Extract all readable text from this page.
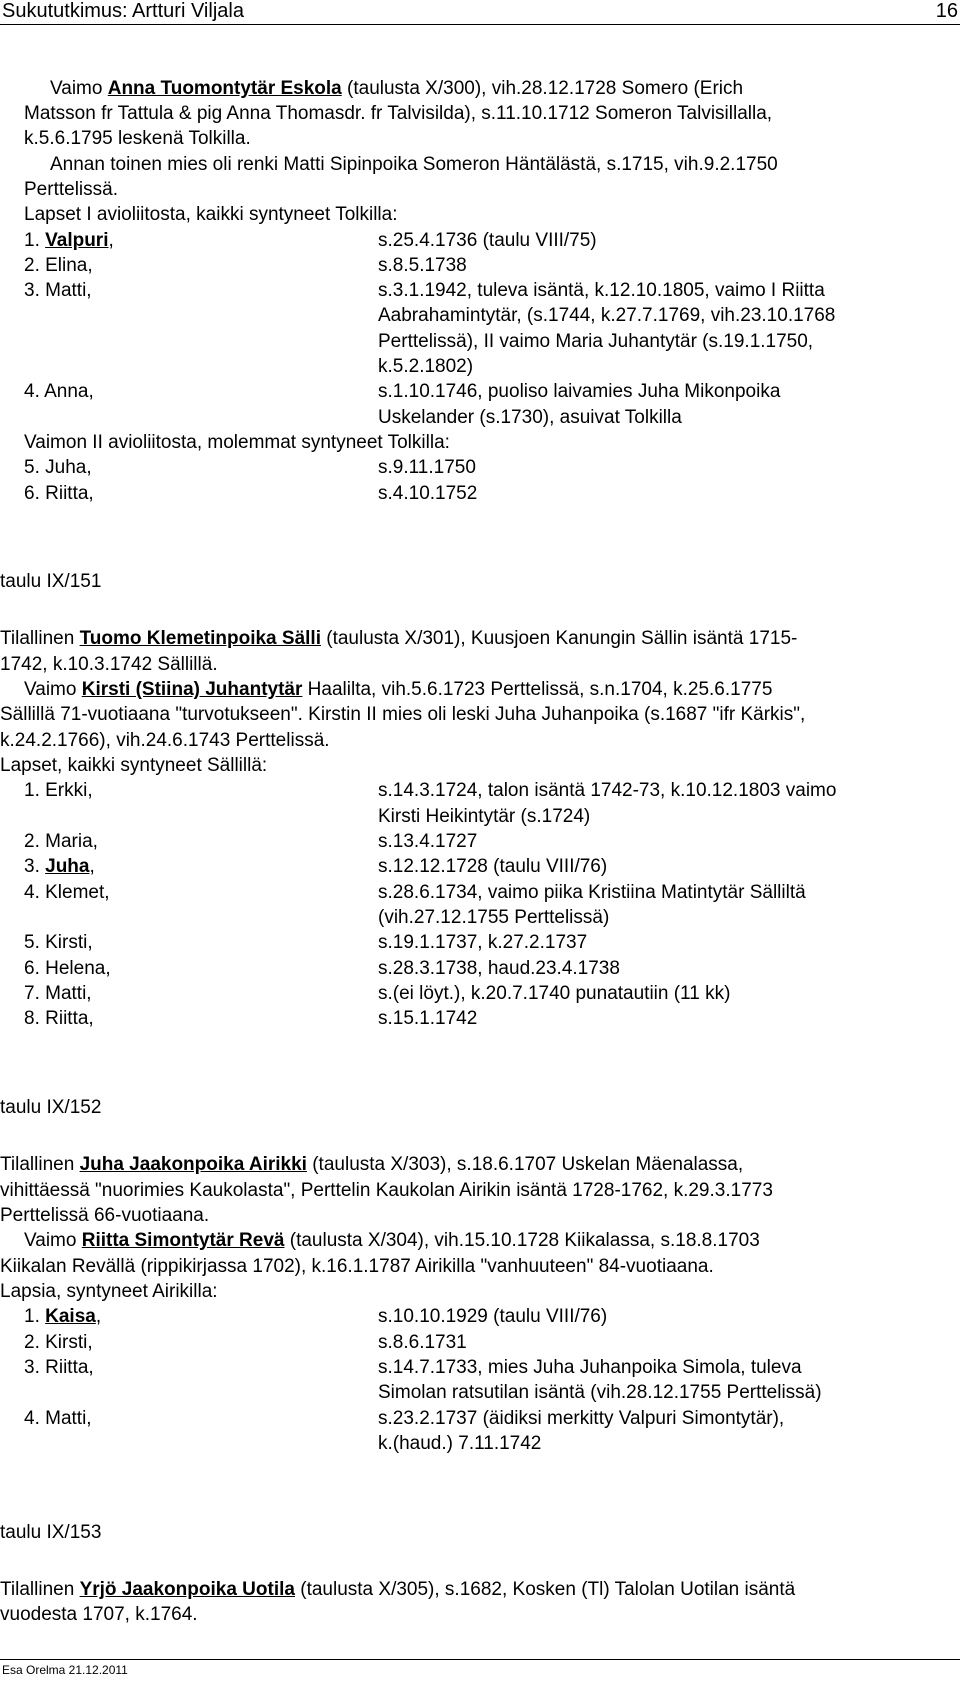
Sukututkimus: Artturi Viljala	16
Vaimo Anna Tuomontytär Eskola (taulusta X/300), vih.28.12.1728 Somero (Erich
Matsson fr Tattula & pig Anna Thomasdr. fr Talvisilda), s.11.10.1712 Someron Talvisillalla,
k.5.6.1795 leskenä Tolkilla.
Annan toinen mies oli renki Matti Sipinpoika Someron Häntälästä, s.1715, vih.9.2.1750
Perttelissä.
Lapset I avioliitosta, kaikki syntyneet Tolkilla:
1. Valpuri,	s.25.4.1736 (taulu VIII/75)
2. Elina,	s.8.5.1738
3. Matti,	s.3.1.1942, tuleva isäntä, k.12.10.1805, vaimo I Riitta
Aabrahamintytär, (s.1744, k.27.7.1769, vih.23.10.1768
Perttelissä), II vaimo Maria Juhantytär (s.19.1.1750,
k.5.2.1802)
4. Anna,	s.1.10.1746, puoliso laivamies Juha Mikonpoika
Uskelander (s.1730), asuivat Tolkilla
Vaimon II avioliitosta, molemmat syntyneet Tolkilla:
5. Juha,	s.9.11.1750
6. Riitta,	s.4.10.1752
taulu IX/151
Tilallinen Tuomo Klemetinpoika Sälli (taulusta X/301), Kuusjoen Kanungin Sällin isäntä 1715-
1742, k.10.3.1742 Sällillä.
Vaimo Kirsti (Stiina) Juhantytär Haalilta, vih.5.6.1723 Perttelissä, s.n.1704, k.25.6.1775
Sällillä 71-vuotiaana "turvotukseen". Kirstin II mies oli leski Juha Juhanpoika (s.1687 "ifr Kärkis",
k.24.2.1766), vih.24.6.1743 Perttelissä.
Lapset, kaikki syntyneet Sällillä:
1. Erkki,	s.14.3.1724, talon isäntä 1742-73, k.10.12.1803 vaimo
Kirsti Heikintytär (s.1724)
2. Maria,	s.13.4.1727
3. Juha,	s.12.12.1728 (taulu VIII/76)
4. Klemet,	s.28.6.1734, vaimo piika Kristiina Matintytär Sälliltä
(vih.27.12.1755 Perttelissä)
5. Kirsti,	s.19.1.1737, k.27.2.1737
6. Helena,	s.28.3.1738, haud.23.4.1738
7. Matti,	s.(ei löyt.), k.20.7.1740 punatautiin (11 kk)
8. Riitta,	s.15.1.1742
taulu IX/152
Tilallinen Juha Jaakonpoika Airikki (taulusta X/303), s.18.6.1707 Uskelan Mäenalassa,
vihittäessä "nuorimies Kaukolasta", Perttelin Kaukolan Airikin isäntä 1728-1762, k.29.3.1773
Perttelissä 66-vuotiaana.
Vaimo Riitta Simontytär Revä (taulusta X/304), vih.15.10.1728 Kiikalassa, s.18.8.1703
Kiikalan Revällä (rippikirjassa 1702), k.16.1.1787 Airikilla "vanhuuteen" 84-vuotiaana.
Lapsia, syntyneet Airikilla:
1. Kaisa,	s.10.10.1929 (taulu VIII/76)
2. Kirsti,	s.8.6.1731
3. Riitta,	s.14.7.1733, mies Juha Juhanpoika Simola, tuleva
Simolan ratsutilan isäntä (vih.28.12.1755 Perttelissä)
4. Matti,	s.23.2.1737 (äidiksi merkitty Valpuri Simontytär),
k.(haud.) 7.11.1742
taulu IX/153
Tilallinen Yrjö Jaakonpoika Uotila (taulusta X/305), s.1682, Kosken (Tl) Talolan Uotilan isäntä
vuodesta 1707, k.1764.
Esa Orelma 21.12.2011
